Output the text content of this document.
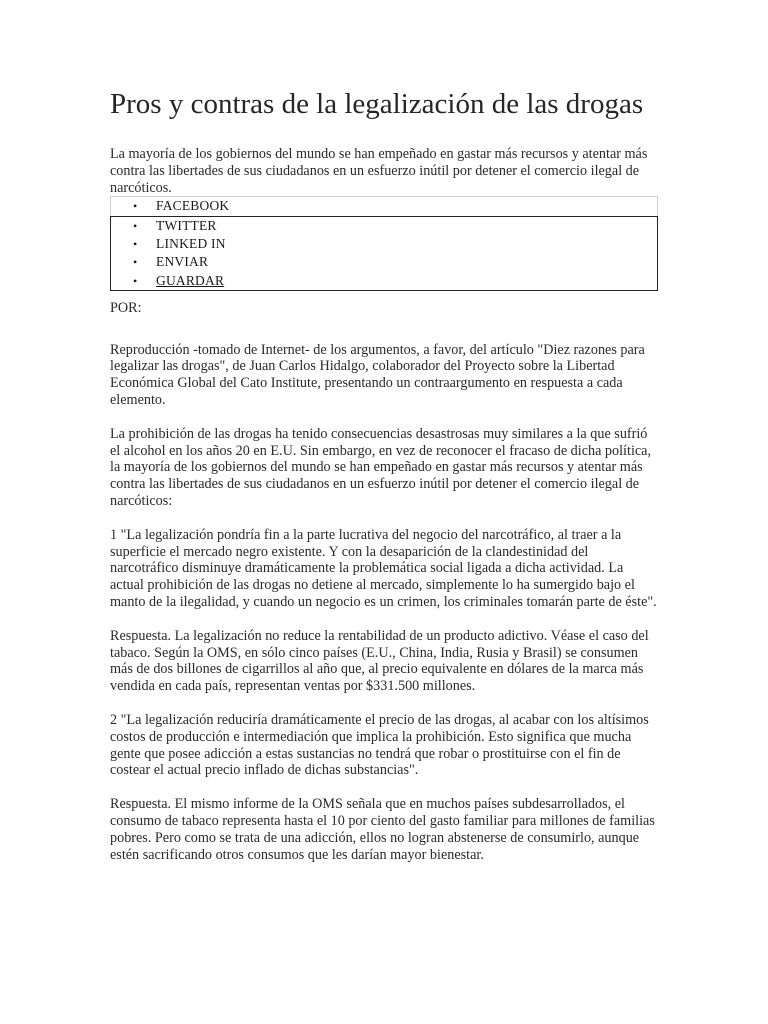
Pros y contras de la legalización de las drogas

La mayoría de los gobiernos del mundo se han empeñado en gastar más recursos y atentar más contra las libertades de sus ciudadanos en un esfuerzo inútil por detener el comercio ilegal de narcóticos.

• FACEBOOK
• TWITTER
• LINKED IN
• ENVIAR
• GUARDAR

POR:

Reproducción -tomado de Internet- de los argumentos, a favor, del artículo "Diez razones para legalizar las drogas", de Juan Carlos Hidalgo, colaborador del Proyecto sobre la Libertad Económica Global del Cato Institute, presentando un contraargumento en respuesta a cada elemento.

La prohibición de las drogas ha tenido consecuencias desastrosas muy similares a la que sufrió el alcohol en los años 20 en E.U. Sin embargo, en vez de reconocer el fracaso de dicha política, la mayoría de los gobiernos del mundo se han empeñado en gastar más recursos y atentar más contra las libertades de sus ciudadanos en un esfuerzo inútil por detener el comercio ilegal de narcóticos:

1 "La legalización pondría fin a la parte lucrativa del negocio del narcotráfico, al traer a la superficie el mercado negro existente. Y con la desaparición de la clandestinidad del narcotráfico disminuye dramáticamente la problemática social ligada a dicha actividad. La actual prohibición de las drogas no detiene al mercado, simplemente lo ha sumergido bajo el manto de la ilegalidad, y cuando un negocio es un crimen, los criminales tomarán parte de éste".

Respuesta. La legalización no reduce la rentabilidad de un producto adictivo. Véase el caso del tabaco. Según la OMS, en sólo cinco países (E.U., China, India, Rusia y Brasil) se consumen más de dos billones de cigarrillos al año que, al precio equivalente en dólares de la marca más vendida en cada país, representan ventas por $331.500 millones.

2 "La legalización reduciría dramáticamente el precio de las drogas, al acabar con los altísimos costos de producción e intermediación que implica la prohibición. Esto significa que mucha gente que posee adicción a estas sustancias no tendrá que robar o prostituirse con el fin de costear el actual precio inflado de dichas substancias".

Respuesta. El mismo informe de la OMS señala que en muchos países subdesarrollados, el consumo de tabaco representa hasta el 10 por ciento del gasto familiar para millones de familias pobres. Pero como se trata de una adicción, ellos no logran abstenerse de consumirlo, aunque estén sacrificando otros consumos que les darían mayor bienestar.
